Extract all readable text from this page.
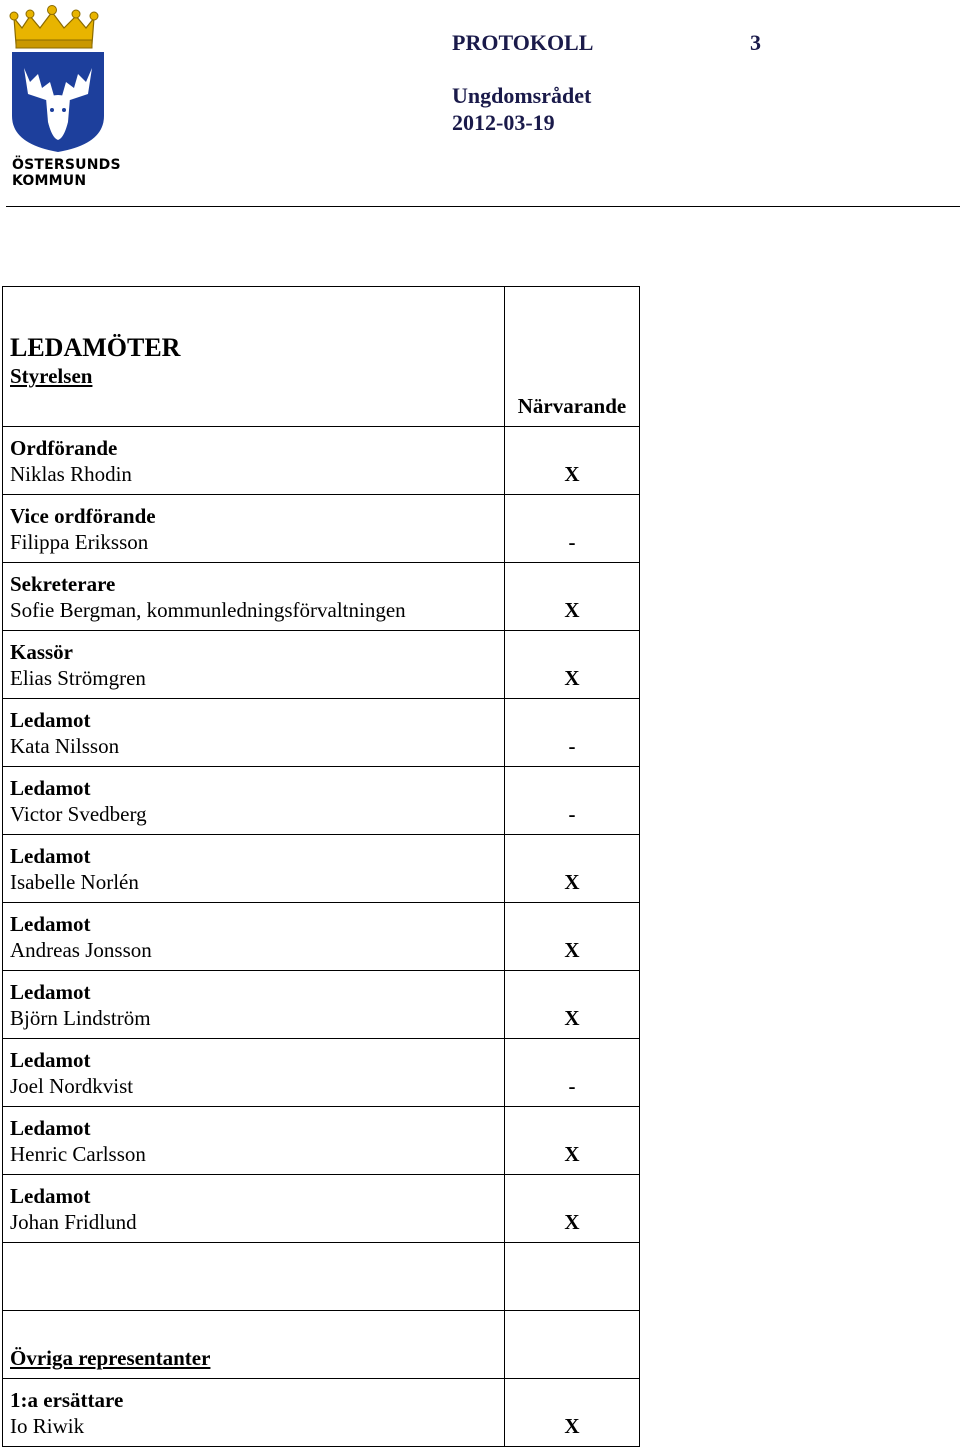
ÖSTERSUNDS
KOMMUN
PROTOKOLL	3
Ungdomsrådet
2012-03-19
LEDAMÖTER
Styrelsen	Närvarande

Ordförande
Niklas Rhodin	X

Vice ordförande
Filippa Eriksson	-

Sekreterare
Sofie Bergman, kommunledningsförvaltningen	X

Kassör
Elias Strömgren	X

Ledamot
Kata Nilsson	-

Ledamot
Victor Svedberg	-

Ledamot
Isabelle Norlén	X

Ledamot
Andreas Jonsson	X

Ledamot
Björn Lindström	X

Ledamot
Joel Nordkvist	-

Ledamot
Henric Carlsson	X

Ledamot
Johan Fridlund	X

Övriga representanter	

1:a ersättare
Io Riwik	X
